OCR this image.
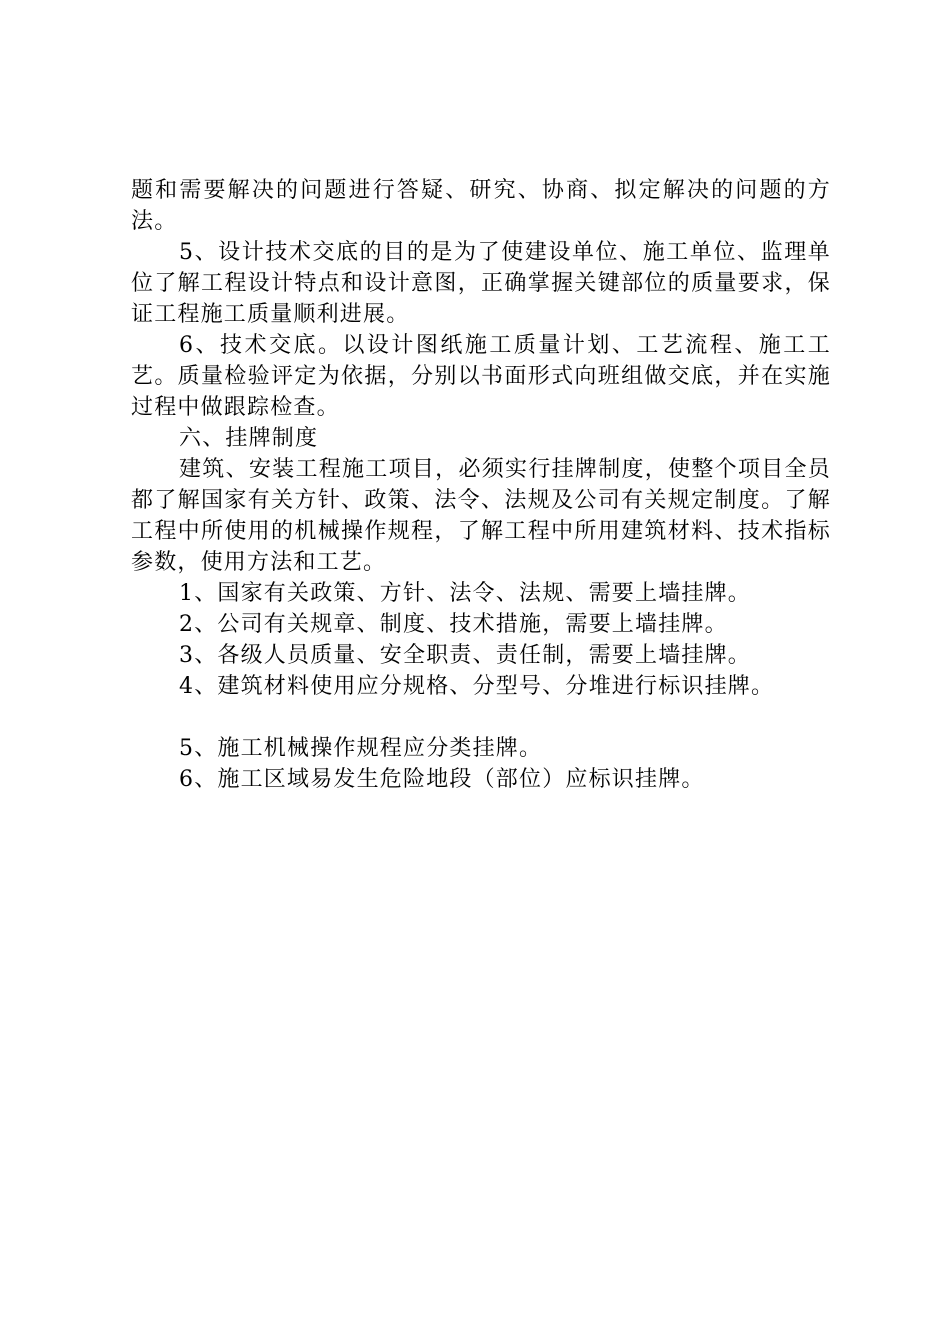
题和需要解决的问题进行答疑、研究、协商、拟定解决的问题的方法。

5、设计技术交底的目的是为了使建设单位、施工单位、监理单位了解工程设计特点和设计意图，正确掌握关键部位的质量要求，保证工程施工质量顺利进展。

6、技术交底。以设计图纸施工质量计划、工艺流程、施工工艺。质量检验评定为依据，分别以书面形式向班组做交底，并在实施过程中做跟踪检查。

六、挂牌制度

建筑、安装工程施工项目，必须实行挂牌制度，使整个项目全员都了解国家有关方针、政策、法令、法规及公司有关规定制度。了解工程中所使用的机械操作规程，了解工程中所用建筑材料、技术指标参数，使用方法和工艺。

1、国家有关政策、方针、法令、法规、需要上墙挂牌。

2、公司有关规章、制度、技术措施，需要上墙挂牌。

3、各级人员质量、安全职责、责任制，需要上墙挂牌。

4、建筑材料使用应分规格、分型号、分堆进行标识挂牌。

5、施工机械操作规程应分类挂牌。

6、施工区域易发生危险地段（部位）应标识挂牌。
